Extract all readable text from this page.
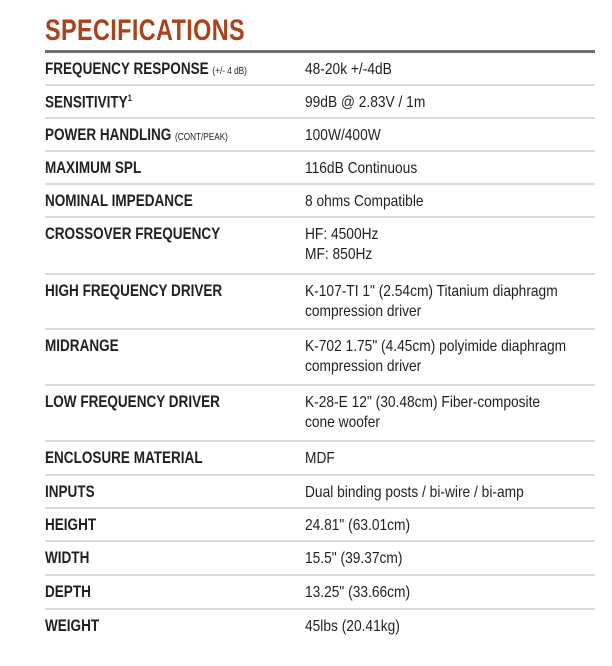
SPECIFICATIONS
FREQUENCY RESPONSE (+/- 4 dB)	48-20k +/-4dB
SENSITIVITY$^1$	99dB @ 2.83V / 1m
POWER HANDLING (CONT/PEAK)	100W/400W
MAXIMUM SPL	116dB Continuous
NOMINAL IMPEDANCE	8 ohms Compatible
CROSSOVER FREQUENCY	HF: 4500Hz
MF: 850Hz
HIGH FREQUENCY DRIVER	K-107-TI 1" (2.54cm) Titanium diaphragm
compression driver
MIDRANGE	K-702 1.75" (4.45cm) polyimide diaphragm
compression driver
LOW FREQUENCY DRIVER	K-28-E 12" (30.48cm) Fiber-composite
cone woofer
ENCLOSURE MATERIAL	MDF
INPUTS	Dual binding posts / bi-wire / bi-amp
HEIGHT	24.81" (63.01cm)
WIDTH	15.5" (39.37cm)
DEPTH	13.25" (33.66cm)
WEIGHT	45lbs (20.41kg)
